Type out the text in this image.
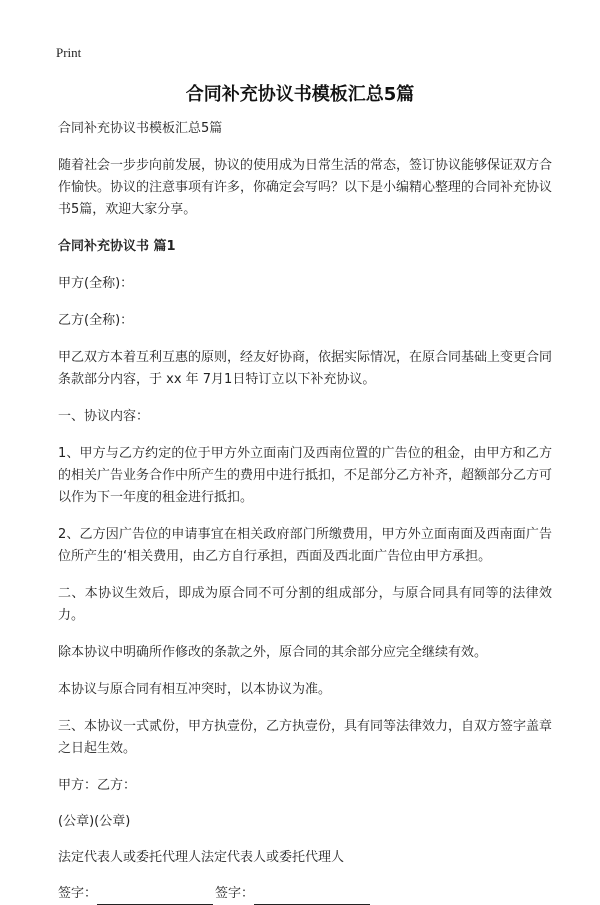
Print
合同补充协议书模板汇总5篇

合同补充协议书模板汇总5篇

随着社会一步步向前发展，协议的使用成为日常生活的常态，签订协议能够保证双方合作愉快。协议的注意事项有许多，你确定会写吗？以下是小编精心整理的合同补充协议书5篇，欢迎大家分享。

合同补充协议书 篇1

甲方(全称)：

乙方(全称)：

甲乙双方本着互利互惠的原则，经友好协商，依据实际情况，在原合同基础上变更合同条款部分内容，于 xx 年 7月1日特订立以下补充协议。

一、协议内容：

1、甲方与乙方约定的位于甲方外立面南门及西南位置的广告位的租金，由甲方和乙方的相关广告业务合作中所产生的费用中进行抵扣，不足部分乙方补齐，超额部分乙方可以作为下一年度的租金进行抵扣。

2、乙方因广告位的申请事宜在相关政府部门所缴费用，甲方外立面南面及西南面广告位所产生的‘相关费用，由乙方自行承担，西面及西北面广告位由甲方承担。

二、本协议生效后，即成为原合同不可分割的组成部分，与原合同具有同等的法律效力。

除本协议中明确所作修改的条款之外，原合同的其余部分应完全继续有效。

本协议与原合同有相互冲突时，以本协议为准。

三、本协议一式贰份，甲方执壹份，乙方执壹份，具有同等法律效力，自双方签字盖章之日起生效。

甲方：乙方：

(公章)(公章)

法定代表人或委托代理人法定代表人或委托代理人

签字：	签字：
